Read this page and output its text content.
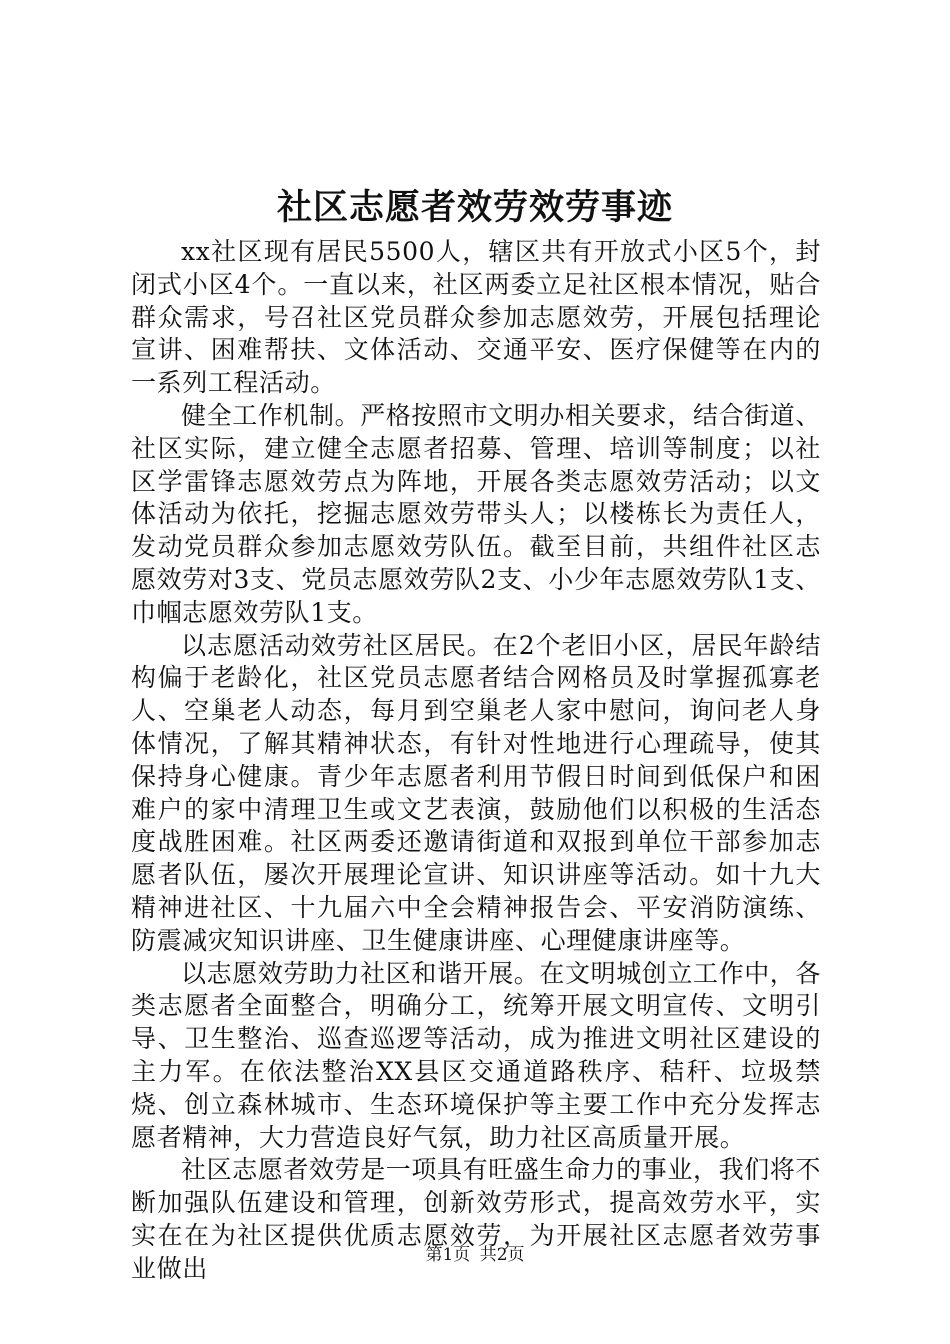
社区志愿者效劳效劳事迹

xx社区现有居民5500人，辖区共有开放式小区5个，封闭式小区4个。一直以来，社区两委立足社区根本情况，贴合群众需求，号召社区党员群众参加志愿效劳，开展包括理论宣讲、困难帮扶、文体活动、交通平安、医疗保健等在内的一系列工程活动。

健全工作机制。严格按照市文明办相关要求，结合街道、社区实际，建立健全志愿者招募、管理、培训等制度；以社区学雷锋志愿效劳点为阵地，开展各类志愿效劳活动；以文体活动为依托，挖掘志愿效劳带头人；以楼栋长为责任人，发动党员群众参加志愿效劳队伍。截至目前，共组件社区志愿效劳对3支、党员志愿效劳队2支、小少年志愿效劳队1支、巾帼志愿效劳队1支。

以志愿活动效劳社区居民。在2个老旧小区，居民年龄结构偏于老龄化，社区党员志愿者结合网格员及时掌握孤寡老人、空巢老人动态，每月到空巢老人家中慰问，询问老人身体情况，了解其精神状态，有针对性地进行心理疏导，使其保持身心健康。青少年志愿者利用节假日时间到低保户和困难户的家中清理卫生或文艺表演，鼓励他们以积极的生活态度战胜困难。社区两委还邀请街道和双报到单位干部参加志愿者队伍，屡次开展理论宣讲、知识讲座等活动。如十九大精神进社区、十九届六中全会精神报告会、平安消防演练、防震减灾知识讲座、卫生健康讲座、心理健康讲座等。

以志愿效劳助力社区和谐开展。在文明城创立工作中，各类志愿者全面整合，明确分工，统筹开展文明宣传、文明引导、卫生整治、巡查巡逻等活动，成为推进文明社区建设的主力军。在依法整治XX县区交通道路秩序、秸秆、垃圾禁烧、创立森林城市、生态环境保护等主要工作中充分发挥志愿者精神，大力营造良好气氛，助力社区高质量开展。

社区志愿者效劳是一项具有旺盛生命力的事业，我们将不断加强队伍建设和管理，创新效劳形式，提高效劳水平，实实在在为社区提供优质志愿效劳，为开展社区志愿者效劳事业做出	第1页 共2页
